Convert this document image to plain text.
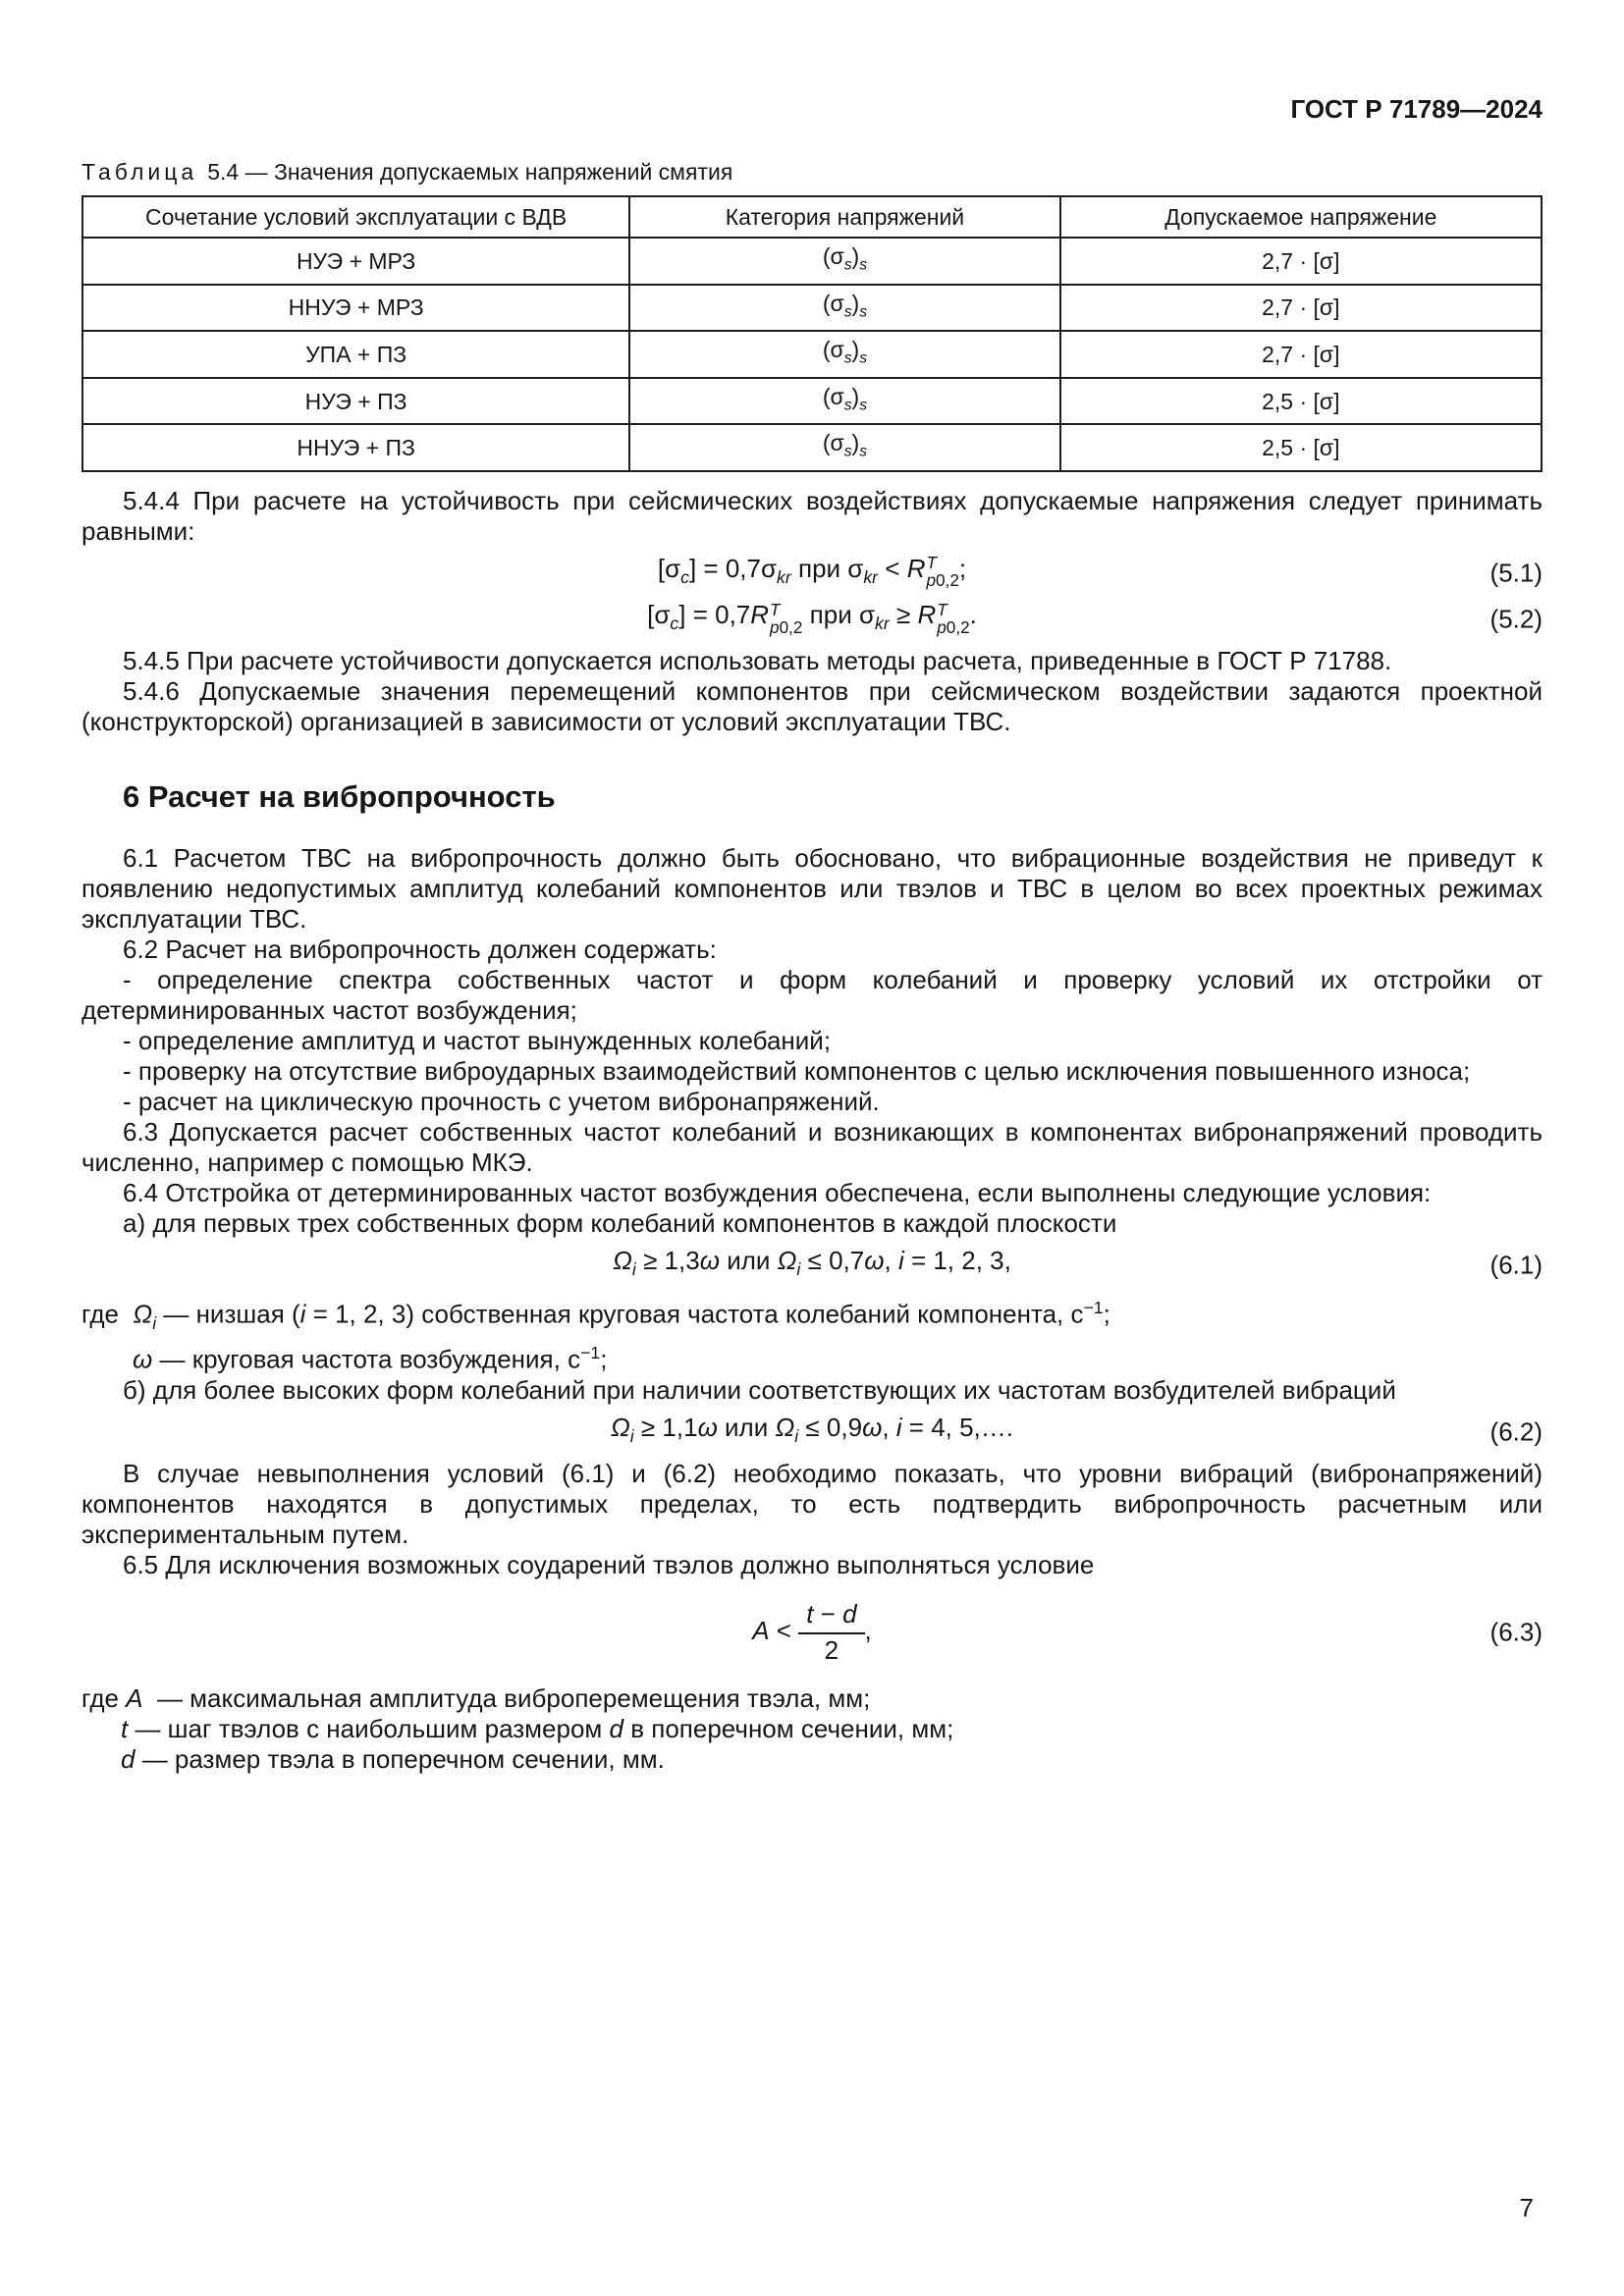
ГОСТ Р 71789—2024

Таблица 5.4 — Значения допускаемых напряжений смятия

Сочетание условий эксплуатации с ВДВ	Категория напряжений	Допускаемое напряжение
НУЭ + МРЗ	$(\sigma_s)_s$	2,7 · [σ]
ННУЭ + МРЗ	$(\sigma_s)_s$	2,7 · [σ]
УПА + ПЗ	$(\sigma_s)_s$	2,7 · [σ]
НУЭ + ПЗ	$(\sigma_s)_s$	2,5 · [σ]
ННУЭ + ПЗ	$(\sigma_s)_s$	2,5 · [σ]

5.4.4 При расчете на устойчивость при сейсмических воздействиях допускаемые напряжения следует принимать равными:

$[\sigma_c] = 0,7\sigma_{kr}$ при $\sigma_{kr} < R$ T
p0,2 ;	(5.1)
$[\sigma_c] = 0,7R$ T
p0,2 при $\sigma_{kr} \ge R$ T
p0,2 .	(5.2)

5.4.5 При расчете устойчивости допускается использовать методы расчета, приведенные в ГОСТ Р 71788.

5.4.6 Допускаемые значения перемещений компонентов при сейсмическом воздействии задаются проектной (конструкторской) организацией в зависимости от условий эксплуатации ТВС.

6 Расчет на вибропрочность

6.1 Расчетом ТВС на вибропрочность должно быть обосновано, что вибрационные воздействия не приведут к появлению недопустимых амплитуд колебаний компонентов или твэлов и ТВС в целом во всех проектных режимах эксплуатации ТВС.

6.2 Расчет на вибропрочность должен содержать:

- определение спектра собственных частот и форм колебаний и проверку условий их отстройки от детерминированных частот возбуждения;

- определение амплитуд и частот вынужденных колебаний;

- проверку на отсутствие виброударных взаимодействий компонентов с целью исключения повышенного износа;

- расчет на циклическую прочность с учетом вибронапряжений.

6.3 Допускается расчет собственных частот колебаний и возникающих в компонентах вибронапряжений проводить численно, например с помощью МКЭ.

6.4 Отстройка от детерминированных частот возбуждения обеспечена, если выполнены следующие условия:

а) для первых трех собственных форм колебаний компонентов в каждой плоскости

$\Omega_i \ge 1,3\omega$ или $\Omega_i \le 0,7\omega$, i = 1, 2, 3,	(6.1)

где  $\Omega_i$ — низшая (i = 1, 2, 3) собственная круговая частота колебаний компонента, $с^{-1}$;

ω — круговая частота возбуждения, $с^{-1}$;

б) для более высоких форм колебаний при наличии соответствующих их частотам возбудителей вибраций

$\Omega_i \ge 1,1\omega$ или $\Omega_i \le 0,9\omega$, i = 4, 5,….	(6.2)

В случае невыполнения условий (6.1) и (6.2) необходимо показать, что уровни вибраций (вибронапряжений) компонентов находятся в допустимых пределах, то есть подтвердить вибропрочность расчетным или экспериментальным путем.

6.5 Для исключения возможных соударений твэлов должно выполняться условие

$A < \frac{t - d}{2}$ ,	(6.3)

где A  — максимальная амплитуда виброперемещения твэла, мм;

t — шаг твэлов с наибольшим размером d в поперечном сечении, мм;

d — размер твэла в поперечном сечении, мм.

7
